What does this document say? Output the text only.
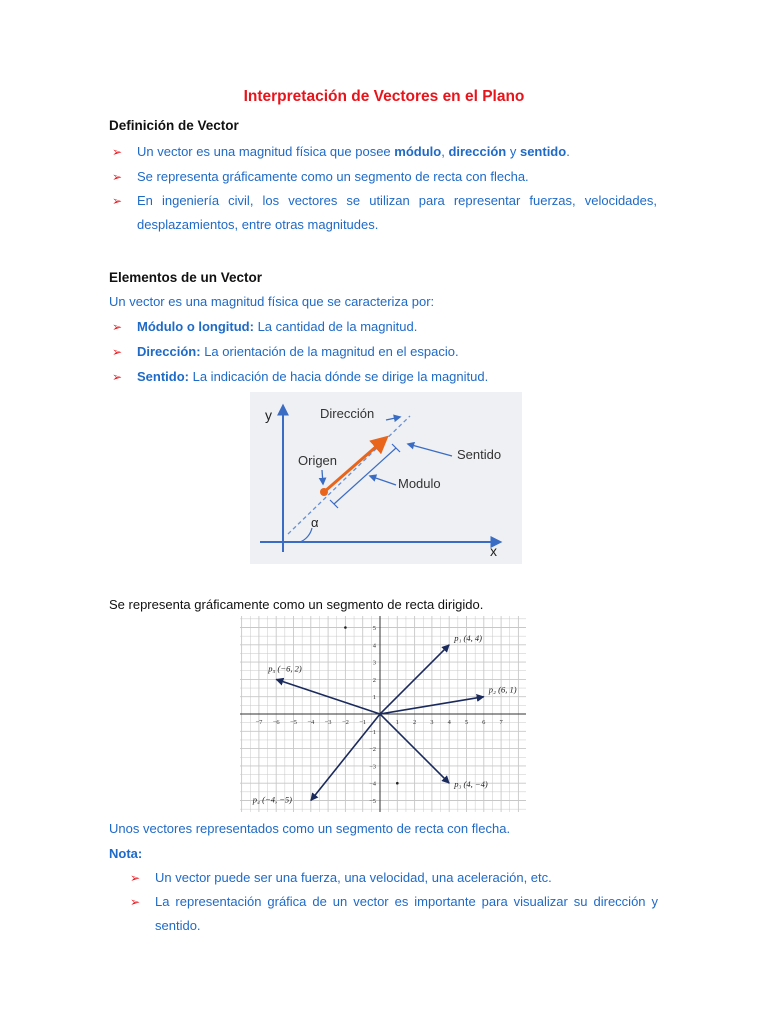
Interpretación de Vectores en el Plano
Definición de Vector
➢ Un vector es una magnitud física que posee módulo, dirección y sentido.
➢ Se representa gráficamente como un segmento de recta con flecha.
➢ En ingeniería civil, los vectores se utilizan para representar fuerzas, velocidades, desplazamientos, entre otras magnitudes.
Elementos de un Vector
Un vector es una magnitud física que se caracteriza por:
➢ Módulo o longitud: La cantidad de la magnitud.
➢ Dirección: La orientación de la magnitud en el espacio.
➢ Sentido: La indicación de hacia dónde se dirige la magnitud.
y
x
Dirección
Origen	Sentido
Modulo
α
Se representa gráficamente como un segmento de recta dirigido.
−7 −6 −5 −4 −3 −2 −1	1 2 3 4 5 6 7
−5
−4
−3
−2
−1
1
2
3
4
5
p₁ (4, 4)
p₅ (−6, 2)
p₂ (6, 1)
p₃ (4, −4)
p₄ (−4, −5)
Unos vectores representados como un segmento de recta con flecha.
Nota:
➢ Un vector puede ser una fuerza, una velocidad, una aceleración, etc.
➢ La representación gráfica de un vector es importante para visualizar su dirección y sentido.
